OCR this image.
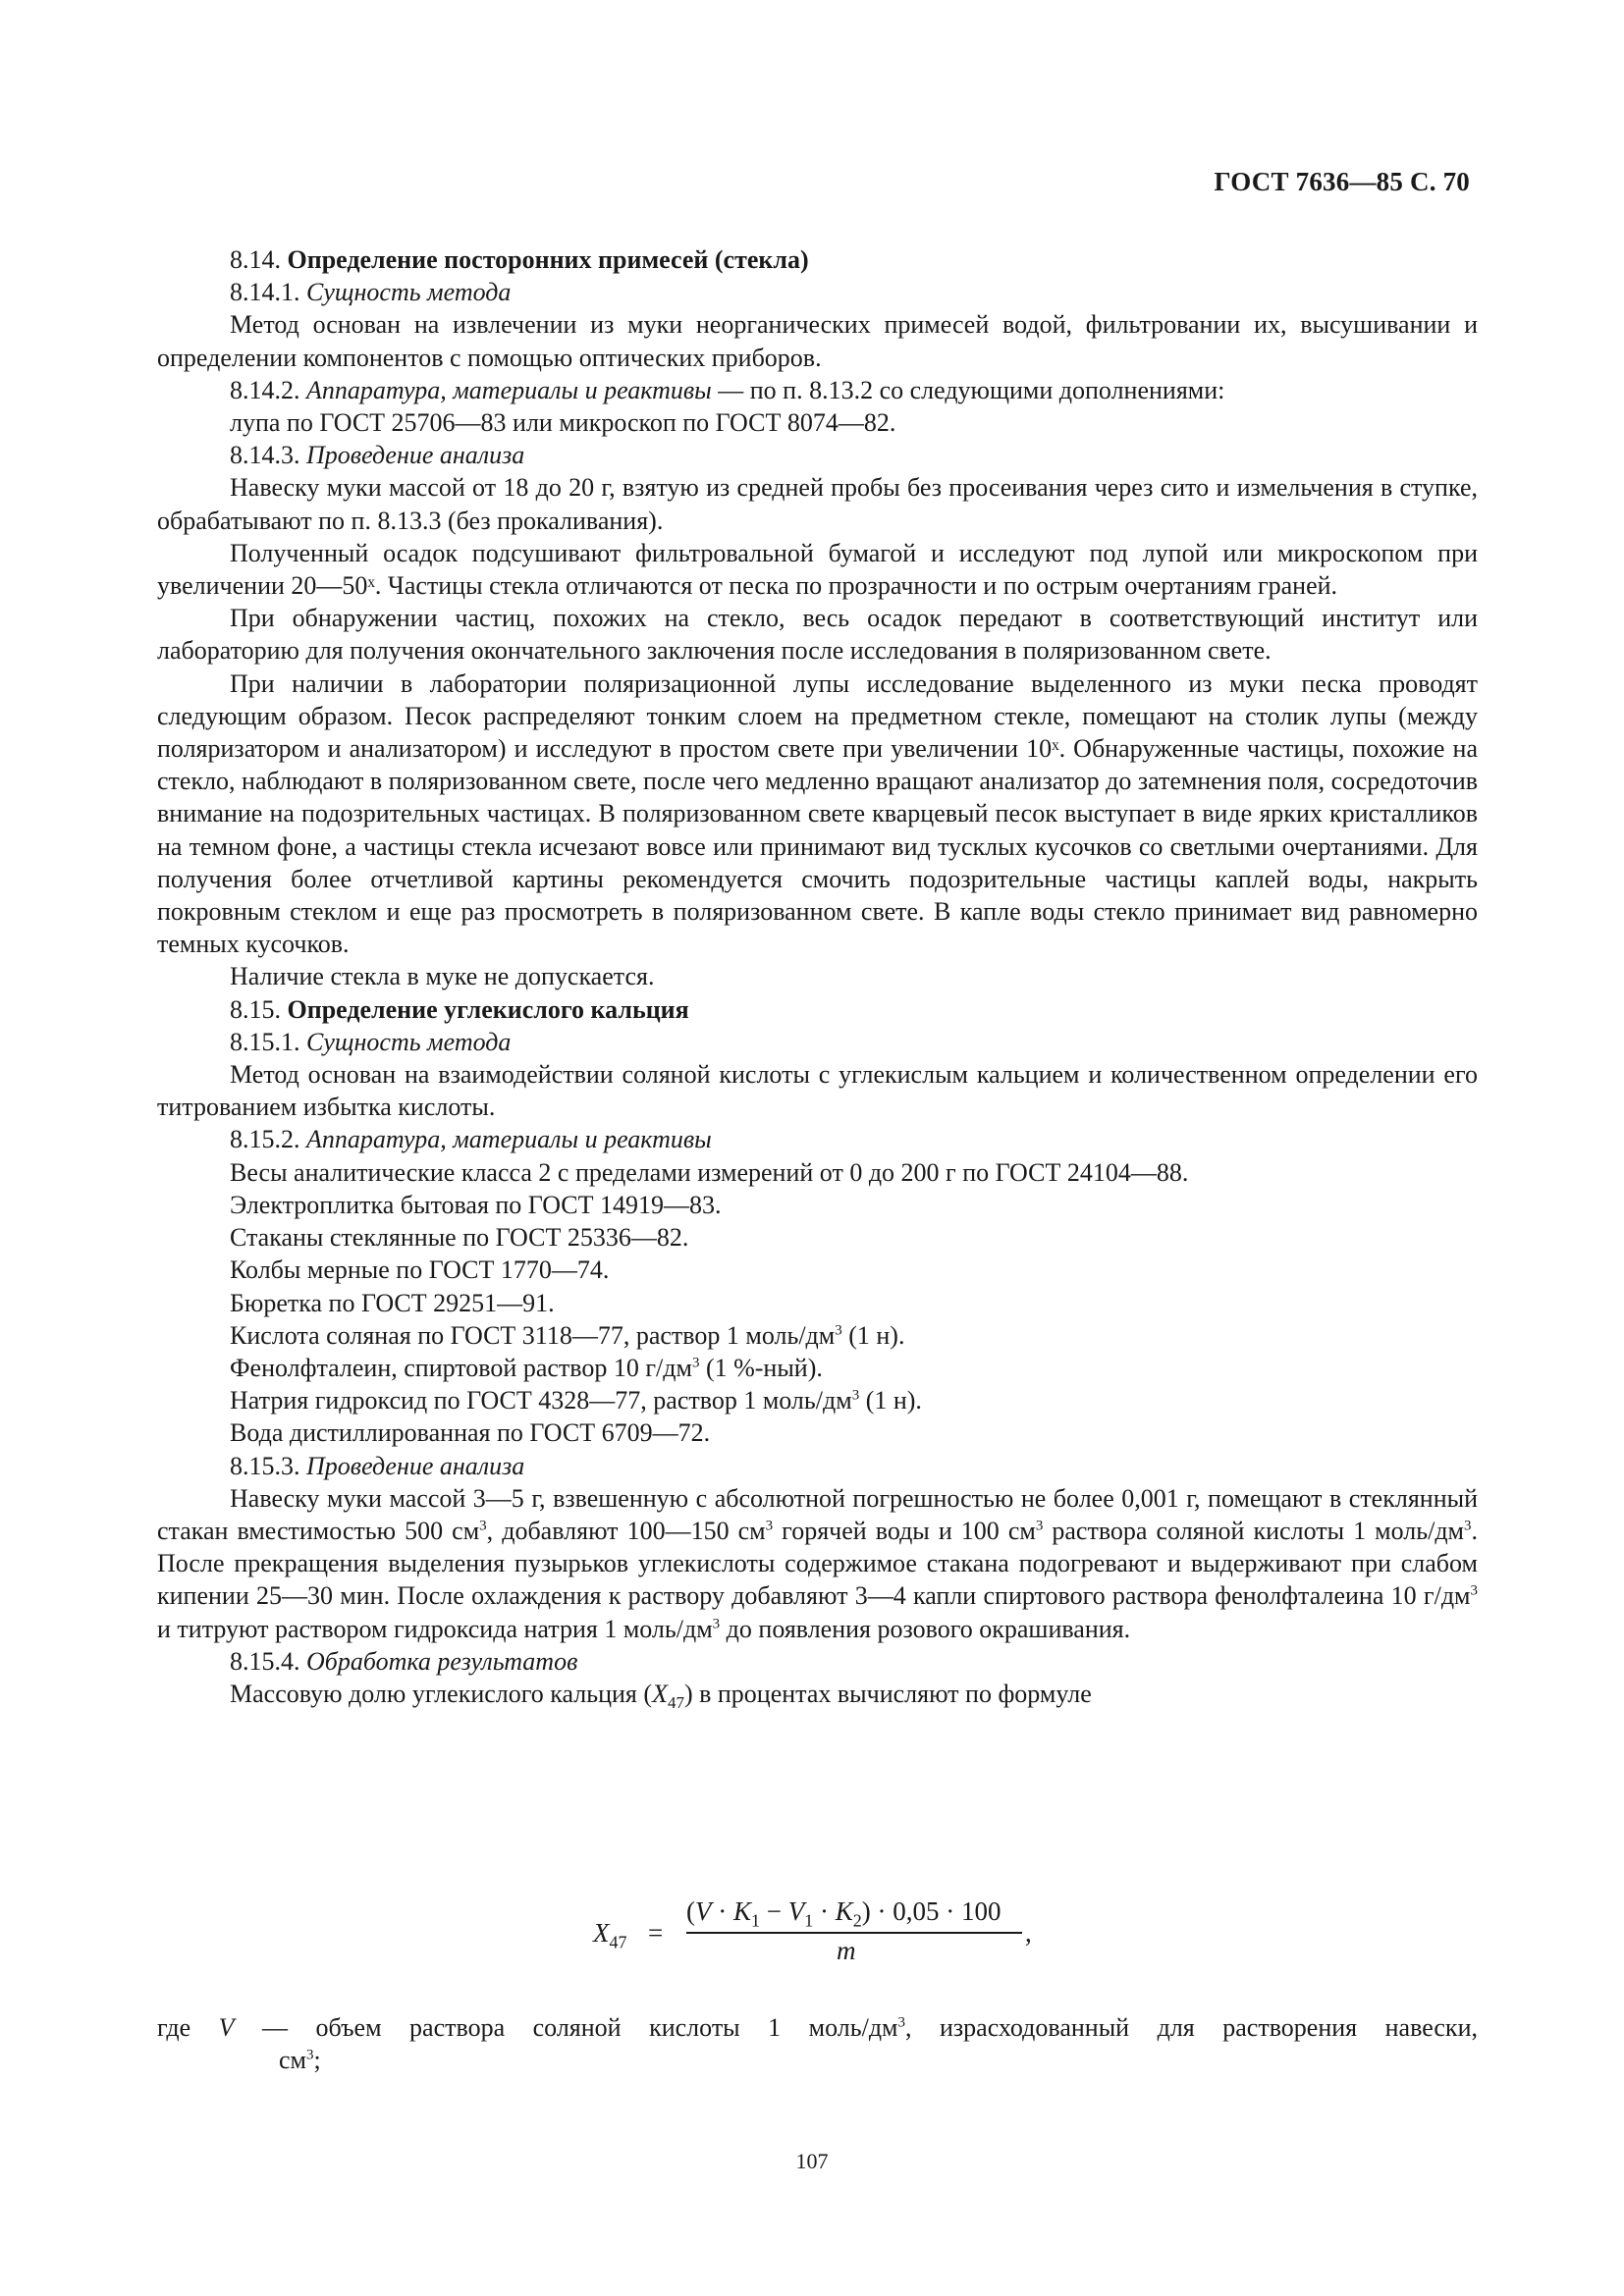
ГОСТ 7636—85 С. 70

8.14. Определение посторонних примесей (стекла)

8.14.1. Сущность метода

Метод основан на извлечении из муки неорганических примесей водой, фильтровании их, высушивании и определении компонентов с помощью оптических приборов.

8.14.2. Аппаратура, материалы и реактивы — по п. 8.13.2 со следующими дополнениями:

лупа по ГОСТ 25706—83 или микроскоп по ГОСТ 8074—82.

8.14.3. Проведение анализа

Навеску муки массой от 18 до 20 г, взятую из средней пробы без просеивания через сито и измельчения в ступке, обрабатывают по п. 8.13.3 (без прокаливания).

Полученный осадок подсушивают фильтровальной бумагой и исследуют под лупой или микроскопом при увеличении 20—50ˣ. Частицы стекла отличаются от песка по прозрачности и по острым очертаниям граней.

При обнаружении частиц, похожих на стекло, весь осадок передают в соответствующий институт или лабораторию для получения окончательного заключения после исследования в поляризованном свете.

При наличии в лаборатории поляризационной лупы исследование выделенного из муки песка проводят следующим образом. Песок распределяют тонким слоем на предметном стекле, помещают на столик лупы (между поляризатором и анализатором) и исследуют в простом свете при увеличении 10ˣ. Обнаруженные частицы, похожие на стекло, наблюдают в поляризованном свете, после чего медленно вращают анализатор до затемнения поля, сосредоточив внимание на подозрительных частицах. В поляризованном свете кварцевый песок выступает в виде ярких кристалликов на темном фоне, а частицы стекла исчезают вовсе или принимают вид тусклых кусочков со светлыми очертаниями. Для получения более отчетливой картины рекомендуется смочить подозрительные частицы каплей воды, накрыть покровным стеклом и еще раз просмотреть в поляризованном свете. В капле воды стекло принимает вид равномерно темных кусочков.

Наличие стекла в муке не допускается.

8.15. Определение углекислого кальция

8.15.1. Сущность метода

Метод основан на взаимодействии соляной кислоты с углекислым кальцием и количественном определении его титрованием избытка кислоты.

8.15.2. Аппаратура, материалы и реактивы

Весы аналитические класса 2 с пределами измерений от 0 до 200 г по ГОСТ 24104—88.

Электроплитка бытовая по ГОСТ 14919—83.

Стаканы стеклянные по ГОСТ 25336—82.

Колбы мерные по ГОСТ 1770—74.

Бюретка по ГОСТ 29251—91.

Кислота соляная по ГОСТ 3118—77, раствор 1 моль/$дм^3$ (1 н).

Фенолфталеин, спиртовой раствор 10 $г/дм^3$ (1 %-ный).

Натрия гидроксид по ГОСТ 4328—77, раствор 1 моль/$дм^3$ (1 н).

Вода дистиллированная по ГОСТ 6709—72.

8.15.3. Проведение анализа

Навеску муки массой 3—5 г, взвешенную с абсолютной погрешностью не более 0,001 г, помещают в стеклянный стакан вместимостью 500 $см^3$, добавляют 100—150 $см^3$ горячей воды и 100 $см^3$ раствора соляной кислоты 1 моль/$дм^3$. После прекращения выделения пузырьков углекислоты содержимое стакана подогревают и выдерживают при слабом кипении 25—30 мин. После охлаждения к раствору добавляют 3—4 капли спиртового раствора фенолфталеина 10 $г/дм^3$ и титруют раствором гидроксида натрия 1 моль/$дм^3$ до появления розового окрашивания.

8.15.4. Обработка результатов

Массовую долю углекислого кальция $(X_{47})$ в процентах вычисляют по формуле

$X_{47}$ =
$(V \cdot K_1 - V_1 \cdot K_2) \cdot 0,05 \cdot 100$
m
,
где V — объем раствора соляной кислоты 1 моль/$дм^3$, израсходованный для растворения навески,
$см^3$;
107
